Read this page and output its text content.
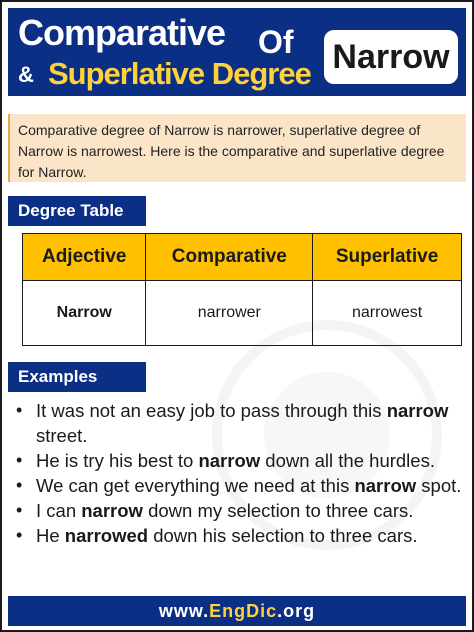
Comparative Of
& Superlative Degree Narrow
Comparative degree of Narrow is narrower, superlative degree of Narrow is narrowest. Here is the comparative and superlative degree for Narrow.
Degree Table
Adjective	Comparative	Superlative
Narrow	narrower	narrowest
Examples
• It was not an easy job to pass through this narrow street.
• He is try his best to narrow down all the hurdles.
• We can get everything we need at this narrow spot.
• I can narrow down my selection to three cars.
• He narrowed down his selection to three cars.
www.EngDic.org
